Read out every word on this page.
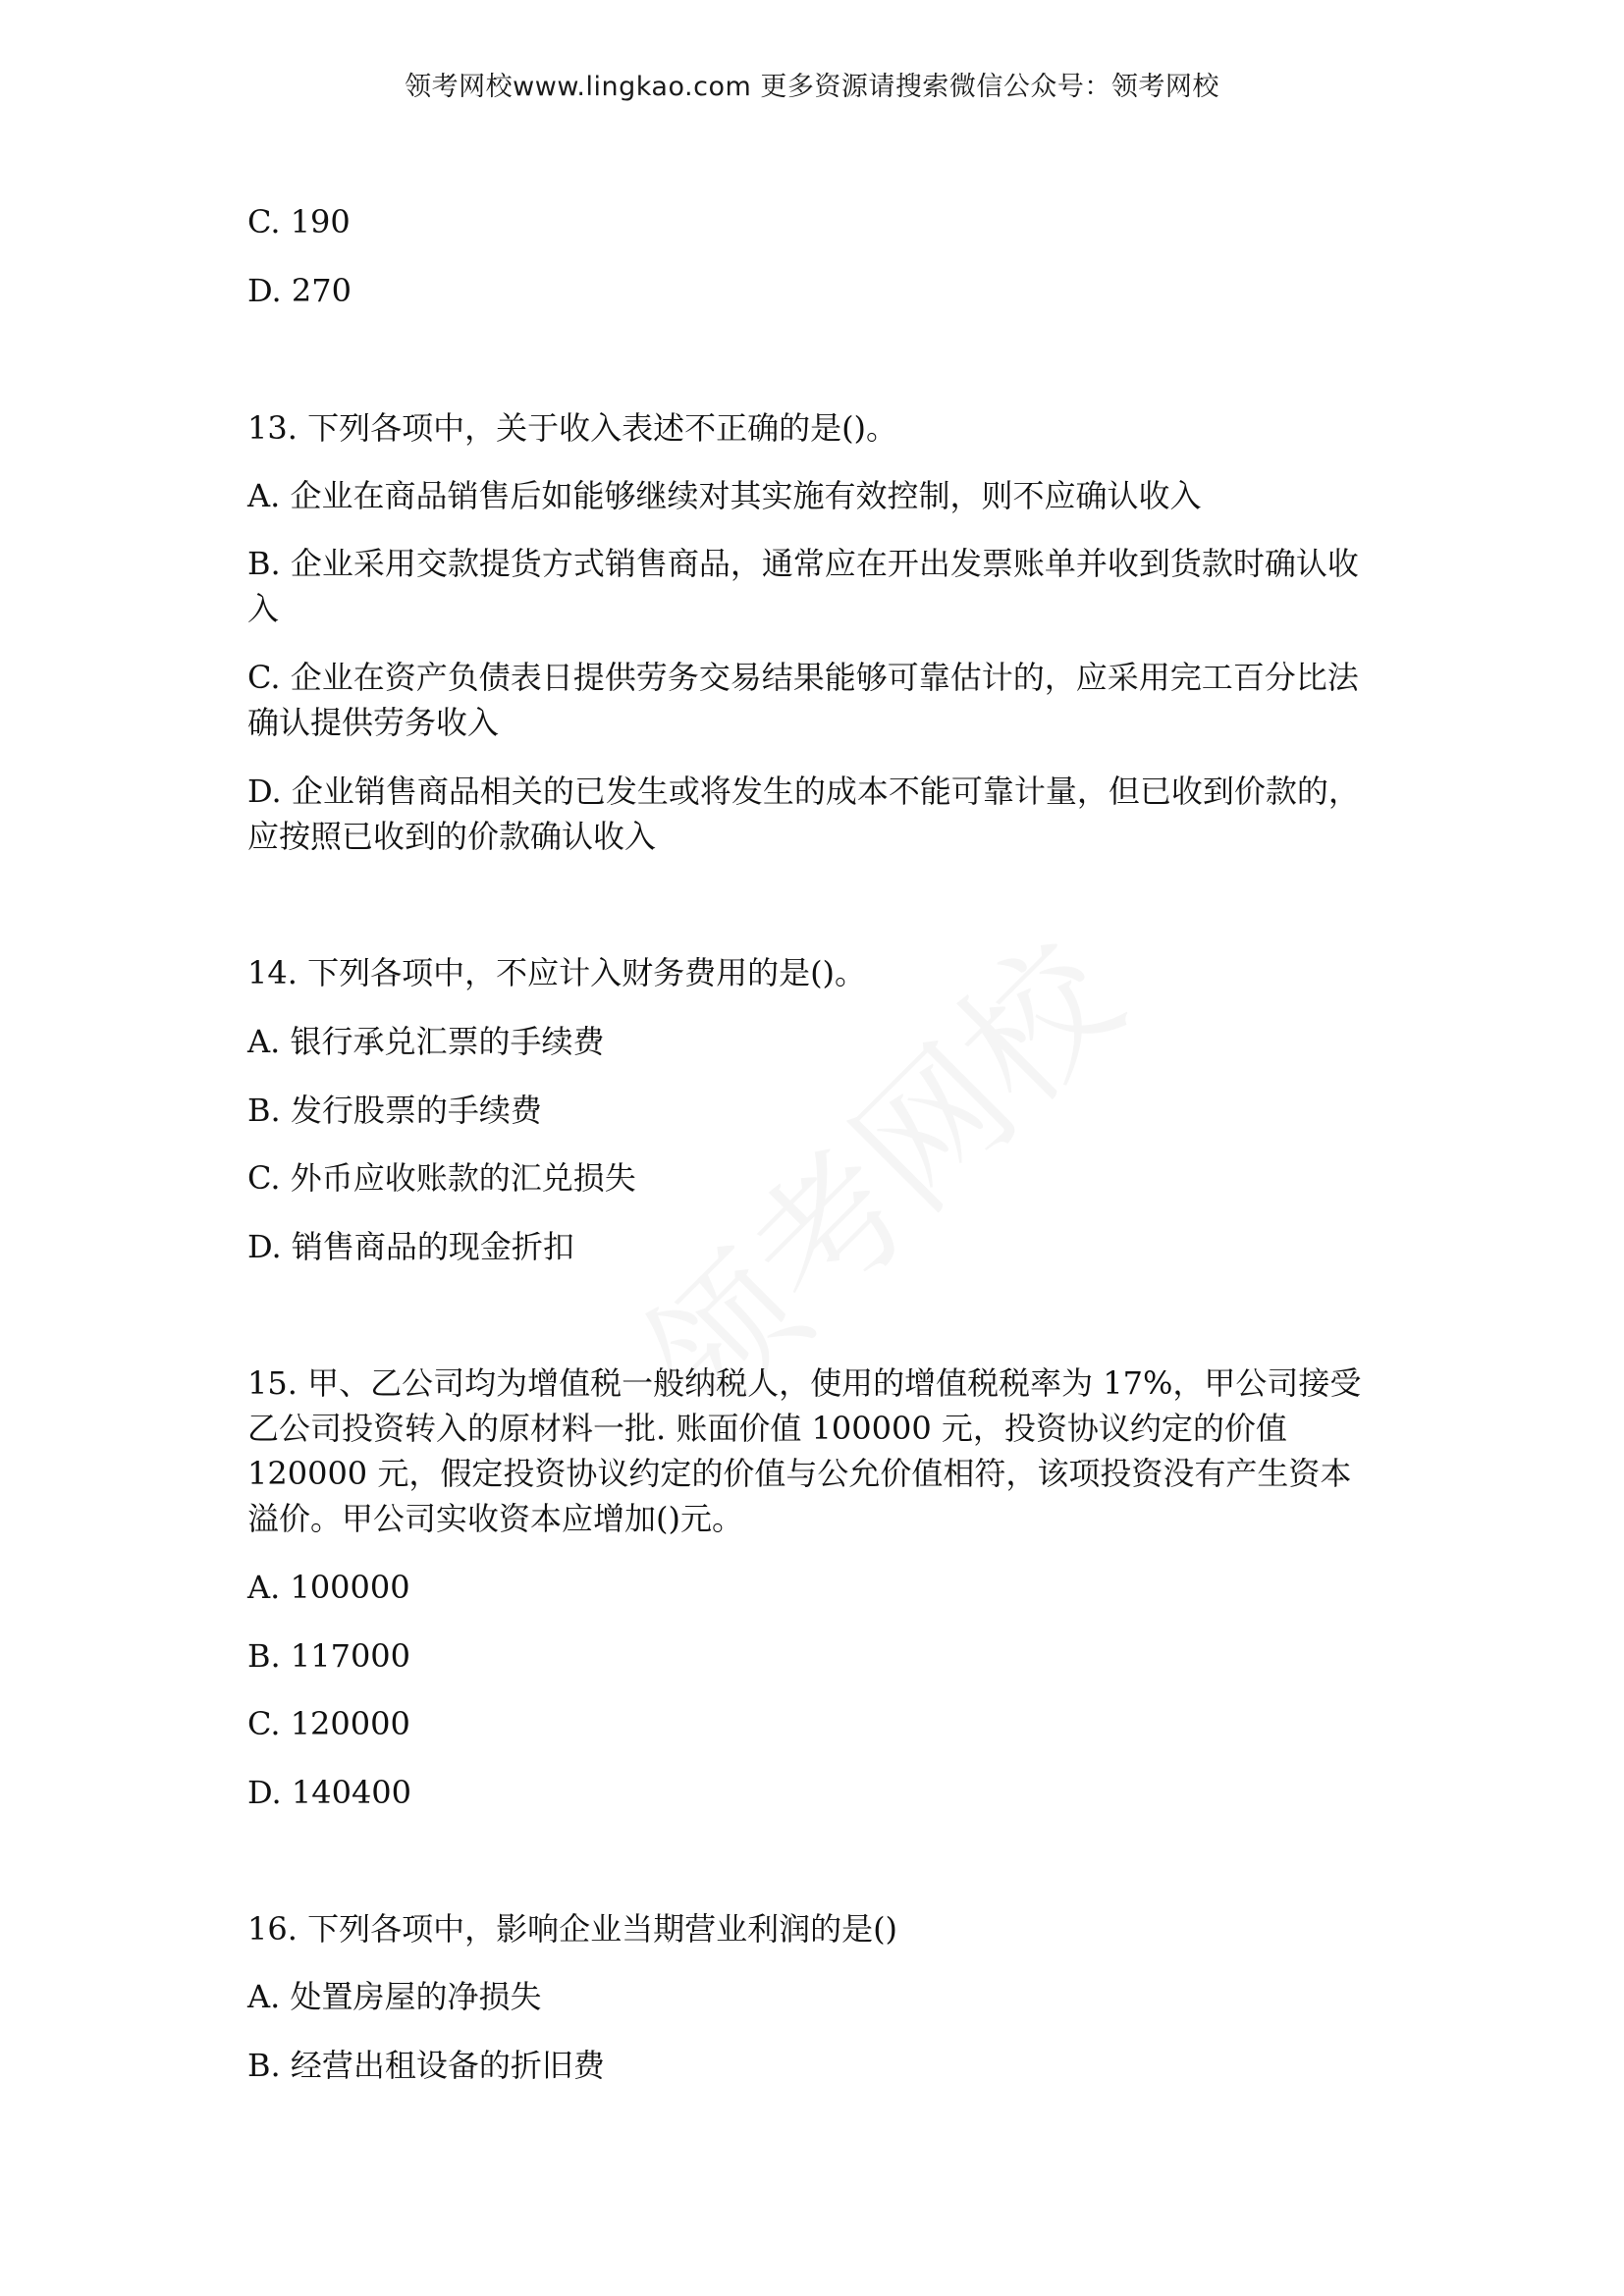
领考网校www.lingkao.com 更多资源请搜索微信公众号：领考网校
C. 190
D. 270
13. 下列各项中，关于收入表述不正确的是()。
A. 企业在商品销售后如能够继续对其实施有效控制，则不应确认收入
B. 企业采用交款提货方式销售商品，通常应在开出发票账单并收到货款时确认收
入
C. 企业在资产负债表日提供劳务交易结果能够可靠估计的，应采用完工百分比法
确认提供劳务收入
D. 企业销售商品相关的已发生或将发生的成本不能可靠计量，但已收到价款的，
应按照已收到的价款确认收入
14. 下列各项中，不应计入财务费用的是()。
A. 银行承兑汇票的手续费
B. 发行股票的手续费
C. 外币应收账款的汇兑损失
D. 销售商品的现金折扣
15. 甲、乙公司均为增值税一般纳税人，使用的增值税税率为 17%，甲公司接受
乙公司投资转入的原材料一批. 账面价值 100000 元，投资协议约定的价值
120000 元，假定投资协议约定的价值与公允价值相符，该项投资没有产生资本
溢价。甲公司实收资本应增加()元。
A. 100000
B. 117000
C. 120000
D. 140400
16. 下列各项中，影响企业当期营业利润的是()
A. 处置房屋的净损失
B. 经营出租设备的折旧费
